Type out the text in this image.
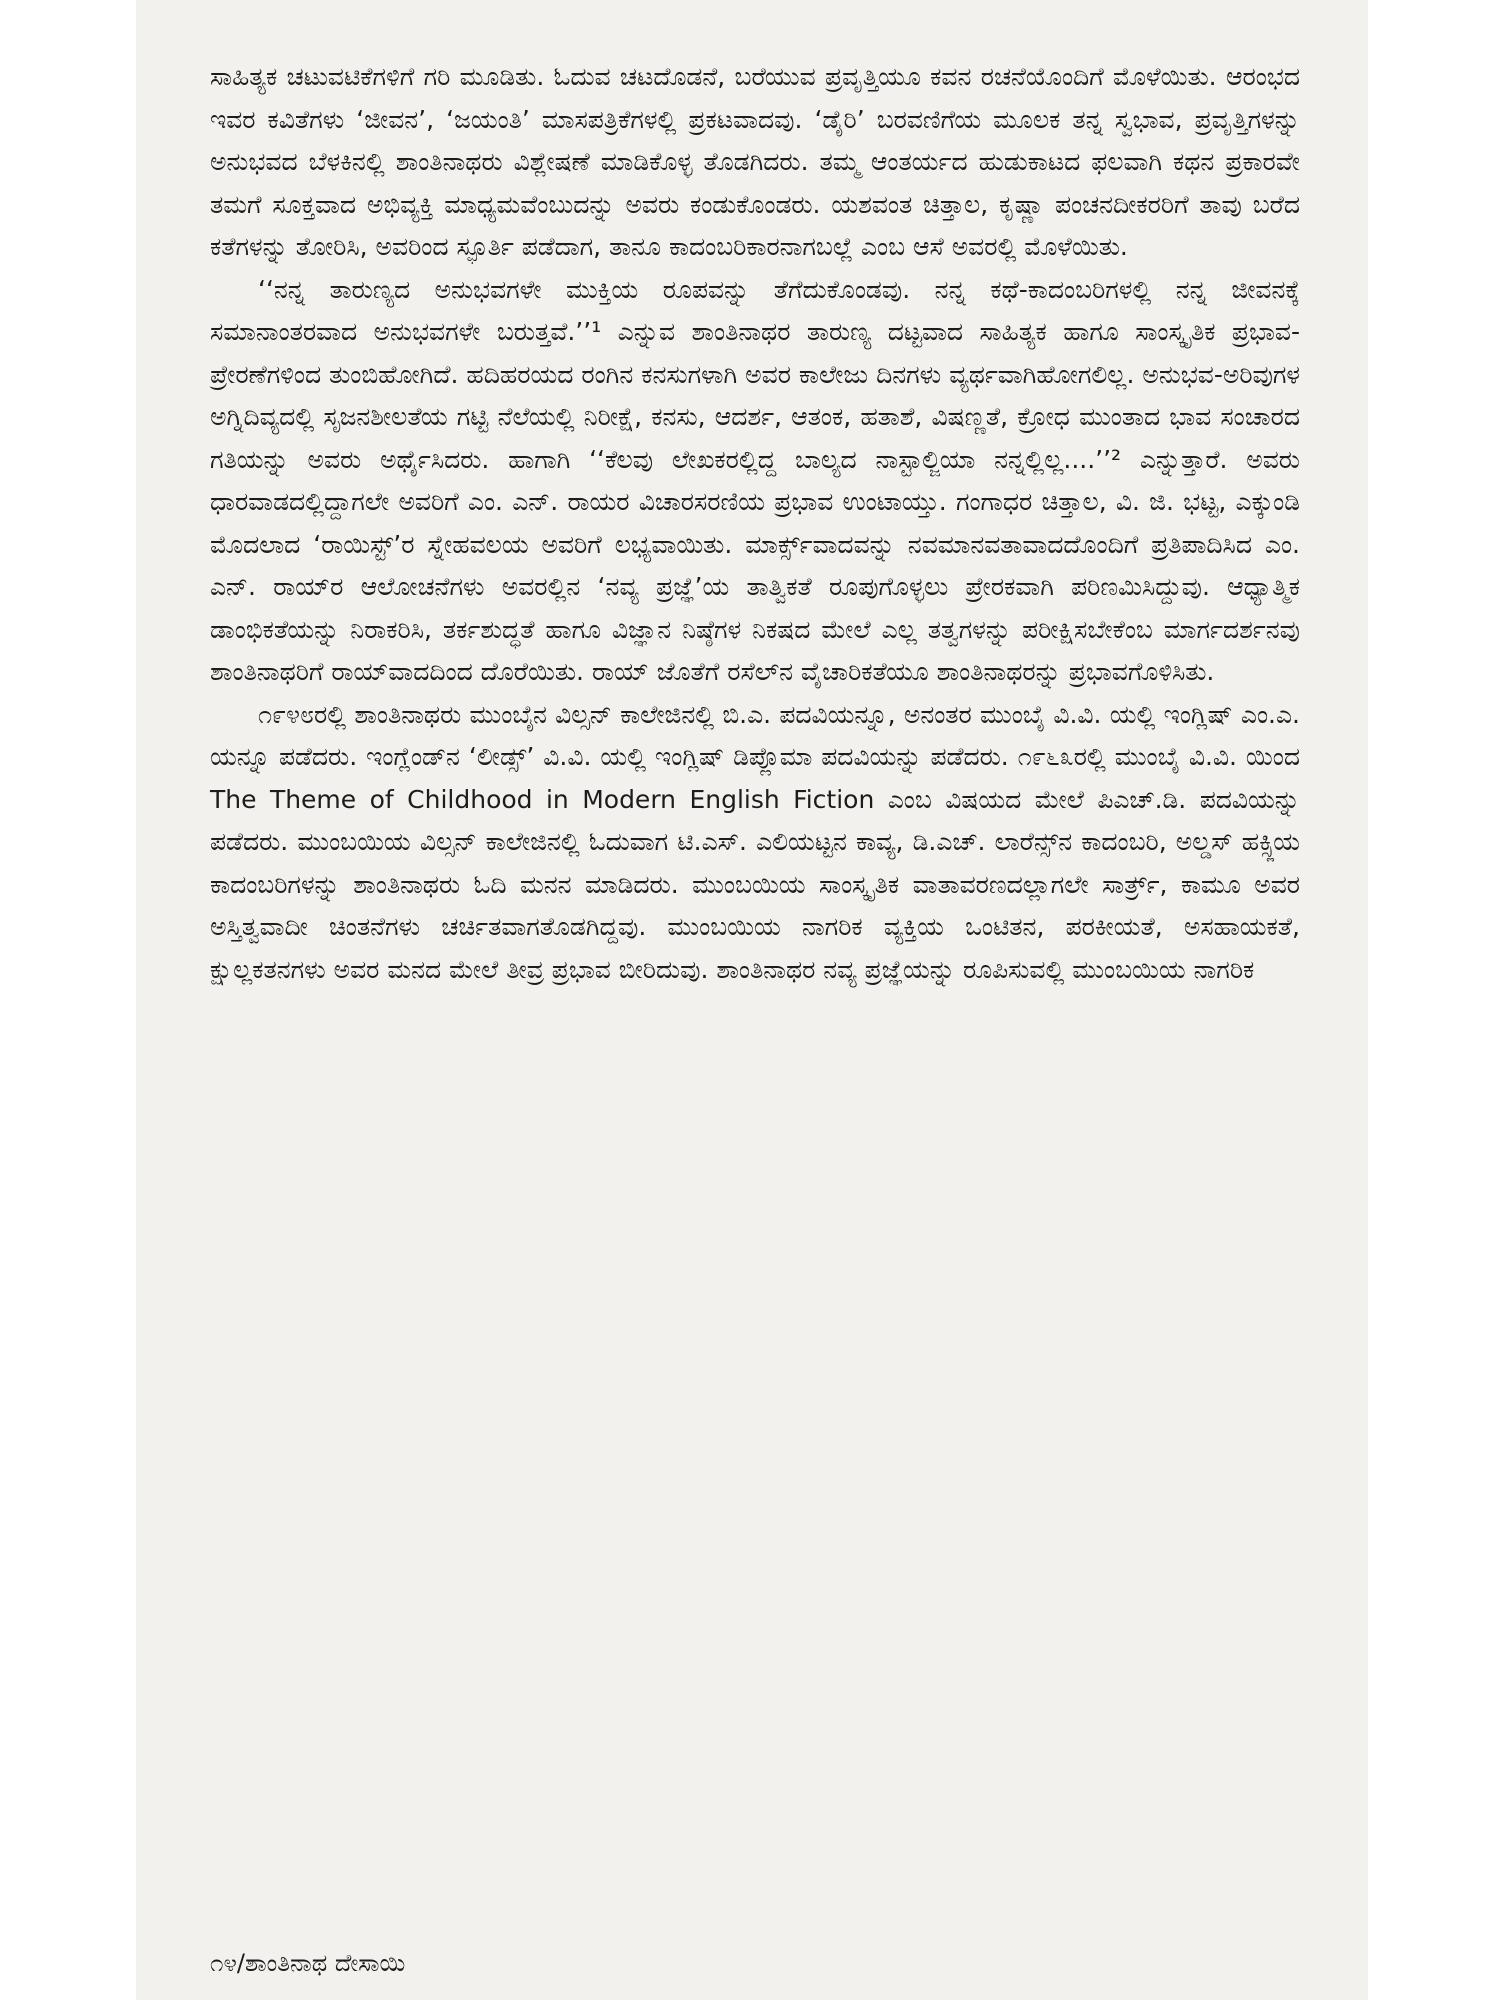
ಸಾಹಿತ್ಯಕ ಚಟುವಟಿಕೆಗಳಿಗೆ ಗರಿ ಮೂಡಿತು. ಓದುವ ಚಟದೊಡನೆ, ಬರೆಯುವ ಪ್ರವೃತ್ತಿಯೂ ಕವನ ರಚನೆಯೊಂದಿಗೆ ಮೊಳೆಯಿತು. ಆರಂಭದ ಇವರ ಕವಿತೆಗಳು ‘ಜೀವನ’, ‘ಜಯಂತಿ’ ಮಾಸಪತ್ರಿಕೆಗಳಲ್ಲಿ ಪ್ರಕಟವಾದವು. ‘ಡೈರಿ’ ಬರವಣಿಗೆಯ ಮೂಲಕ ತನ್ನ ಸ್ವಭಾವ, ಪ್ರವೃತ್ತಿಗಳನ್ನು ಅನುಭವದ ಬೆಳಕಿನಲ್ಲಿ ಶಾಂತಿನಾಥರು ವಿಶ್ಲೇಷಣೆ ಮಾಡಿಕೊಳ್ಳ ತೊಡಗಿದರು. ತಮ್ಮ ಆಂತರ್ಯದ ಹುಡುಕಾಟದ ಫಲವಾಗಿ ಕಥನ ಪ್ರಕಾರವೇ ತಮಗೆ ಸೂಕ್ತವಾದ ಅಭಿವ್ಯಕ್ತಿ ಮಾಧ್ಯಮವೆಂಬುದನ್ನು ಅವರು ಕಂಡುಕೊಂಡರು. ಯಶವಂತ ಚಿತ್ತಾಲ, ಕೃಷ್ಣಾ ಪಂಚನದೀಕರರಿಗೆ ತಾವು ಬರೆದ ಕತೆಗಳನ್ನು ತೋರಿಸಿ, ಅವರಿಂದ ಸ್ಫೂರ್ತಿ ಪಡೆದಾಗ, ತಾನೂ ಕಾದಂಬರಿಕಾರನಾಗಬಲ್ಲೆ ಎಂಬ ಆಸೆ ಅವರಲ್ಲಿ ಮೊಳೆಯಿತು.

‘‘ನನ್ನ ತಾರುಣ್ಯದ ಅನುಭವಗಳೇ ಮುಕ್ತಿಯ ರೂಪವನ್ನು ತೆಗೆದುಕೊಂಡವು. ನನ್ನ ಕಥೆ-ಕಾದಂಬರಿಗಳಲ್ಲಿ ನನ್ನ ಜೀವನಕ್ಕೆ ಸಮಾನಾಂತರವಾದ ಅನುಭವಗಳೇ ಬರುತ್ತವೆ.’’¹ ಎನ್ನುವ ಶಾಂತಿನಾಥರ ತಾರುಣ್ಯ ದಟ್ಟವಾದ ಸಾಹಿತ್ಯಕ ಹಾಗೂ ಸಾಂಸ್ಕೃತಿಕ ಪ್ರಭಾವ-ಪ್ರೇರಣೆಗಳಿಂದ ತುಂಬಿಹೋಗಿದೆ. ಹದಿಹರಯದ ರಂಗಿನ ಕನಸುಗಳಾಗಿ ಅವರ ಕಾಲೇಜು ದಿನಗಳು ವ್ಯರ್ಥವಾಗಿಹೋಗಲಿಲ್ಲ. ಅನುಭವ-ಅರಿವುಗಳ ಅಗ್ನಿದಿವ್ಯದಲ್ಲಿ ಸೃಜನಶೀಲತೆಯ ಗಟ್ಟಿ ನೆಲೆಯಲ್ಲಿ ನಿರೀಕ್ಷೆ, ಕನಸು, ಆದರ್ಶ, ಆತಂಕ, ಹತಾಶೆ, ವಿಷಣ್ಣತೆ, ಕ್ರೋಧ ಮುಂತಾದ ಭಾವ ಸಂಚಾರದ ಗತಿಯನ್ನು ಅವರು ಅರ್ಥೈಸಿದರು. ಹಾಗಾಗಿ ‘‘ಕೆಲವು ಲೇಖಕರಲ್ಲಿದ್ದ ಬಾಲ್ಯದ ನಾಸ್ಟಾಲ್ಜಿಯಾ ನನ್ನಲ್ಲಿಲ್ಲ....’’² ಎನ್ನುತ್ತಾರೆ. ಅವರು ಧಾರವಾಡದಲ್ಲಿದ್ದಾಗಲೇ ಅವರಿಗೆ ಎಂ. ಎನ್. ರಾಯರ ವಿಚಾರಸರಣಿಯ ಪ್ರಭಾವ ಉಂಟಾಯ್ತು. ಗಂಗಾಧರ ಚಿತ್ತಾಲ, ವಿ. ಜಿ. ಭಟ್ಟ, ಎಕ್ಕುಂಡಿ ಮೊದಲಾದ ‘ರಾಯಿಸ್ಟ್’ರ ಸ್ನೇಹವಲಯ ಅವರಿಗೆ ಲಭ್ಯವಾಯಿತು. ಮಾರ್ಕ್ಸ್‌ವಾದವನ್ನು ನವಮಾನವತಾವಾದದೊಂದಿಗೆ ಪ್ರತಿಪಾದಿಸಿದ ಎಂ. ಎನ್. ರಾಯ್‌ರ ಆಲೋಚನೆಗಳು ಅವರಲ್ಲಿನ ‘ನವ್ಯ ಪ್ರಜ್ಞೆ’ಯ ತಾತ್ವಿಕತೆ ರೂಪುಗೊಳ್ಳಲು ಪ್ರೇರಕವಾಗಿ ಪರಿಣಮಿಸಿದ್ದುವು. ಆಧ್ಯಾತ್ಮಿಕ ಡಾಂಭಿಕತೆಯನ್ನು ನಿರಾಕರಿಸಿ, ತರ್ಕಶುದ್ಧತೆ ಹಾಗೂ ವಿಜ್ಞಾನ ನಿಷ್ಠೆಗಳ ನಿಕಷದ ಮೇಲೆ ಎಲ್ಲ ತತ್ವಗಳನ್ನು ಪರೀಕ್ಷಿಸಬೇಕೆಂಬ ಮಾರ್ಗದರ್ಶನವು ಶಾಂತಿನಾಥರಿಗೆ ರಾಯ್‌ವಾದದಿಂದ ದೊರೆಯಿತು. ರಾಯ್ ಜೊತೆಗೆ ರಸೆಲ್‌ನ ವೈಚಾರಿಕತೆಯೂ ಶಾಂತಿನಾಥರನ್ನು ಪ್ರಭಾವಗೊಳಿಸಿತು.

೧೯೪೮ರಲ್ಲಿ ಶಾಂತಿನಾಥರು ಮುಂಬೈನ ವಿಲ್ಸನ್ ಕಾಲೇಜಿನಲ್ಲಿ ಬಿ.ಎ. ಪದವಿಯನ್ನೂ, ಅನಂತರ ಮುಂಬೈ ವಿ.ವಿ. ಯಲ್ಲಿ ಇಂಗ್ಲಿಷ್ ಎಂ.ಎ. ಯನ್ನೂ ಪಡೆದರು. ಇಂಗ್ಲೆಂಡ್‌ನ ‘ಲೀಡ್ಸ್’ ವಿ.ವಿ. ಯಲ್ಲಿ ಇಂಗ್ಲಿಷ್ ಡಿಪ್ಲೊಮಾ ಪದವಿಯನ್ನು ಪಡೆದರು. ೧೯೬೩ರಲ್ಲಿ ಮುಂಬೈ ವಿ.ವಿ. ಯಿಂದ The Theme of Childhood in Modern English Fiction ಎಂಬ ವಿಷಯದ ಮೇಲೆ ಪಿಎಚ್.ಡಿ. ಪದವಿಯನ್ನು ಪಡೆದರು. ಮುಂಬಯಿಯ ವಿಲ್ಸನ್ ಕಾಲೇಜಿನಲ್ಲಿ ಓದುವಾಗ ಟಿ.ಎಸ್. ಎಲಿಯಟ್ಟನ ಕಾವ್ಯ, ಡಿ.ಎಚ್. ಲಾರೆನ್ಸ್‌ನ ಕಾದಂಬರಿ, ಅಲ್ಡಸ್ ಹಕ್ಸ್ಲಿಯ ಕಾದಂಬರಿಗಳನ್ನು ಶಾಂತಿನಾಥರು ಓದಿ ಮನನ ಮಾಡಿದರು. ಮುಂಬಯಿಯ ಸಾಂಸ್ಕೃತಿಕ ವಾತಾವರಣದಲ್ಲಾಗಲೇ ಸಾರ್ತ್ರ್, ಕಾಮೂ ಅವರ ಅಸ್ತಿತ್ವವಾದೀ ಚಿಂತನೆಗಳು ಚರ್ಚಿತವಾಗತೊಡಗಿದ್ದವು. ಮುಂಬಯಿಯ ನಾಗರಿಕ ವ್ಯಕ್ತಿಯ ಒಂಟಿತನ, ಪರಕೀಯತೆ, ಅಸಹಾಯಕತೆ, ಕ್ಷುಲ್ಲಕತನಗಳು ಅವರ ಮನದ ಮೇಲೆ ತೀವ್ರ ಪ್ರಭಾವ ಬೀರಿದುವು. ಶಾಂತಿನಾಥರ ನವ್ಯ ಪ್ರಜ್ಞೆಯನ್ನು ರೂಪಿಸುವಲ್ಲಿ ಮುಂಬಯಿಯ ನಾಗರಿಕ

೧೪/ಶಾಂತಿನಾಥ ದೇಸಾಯಿ
